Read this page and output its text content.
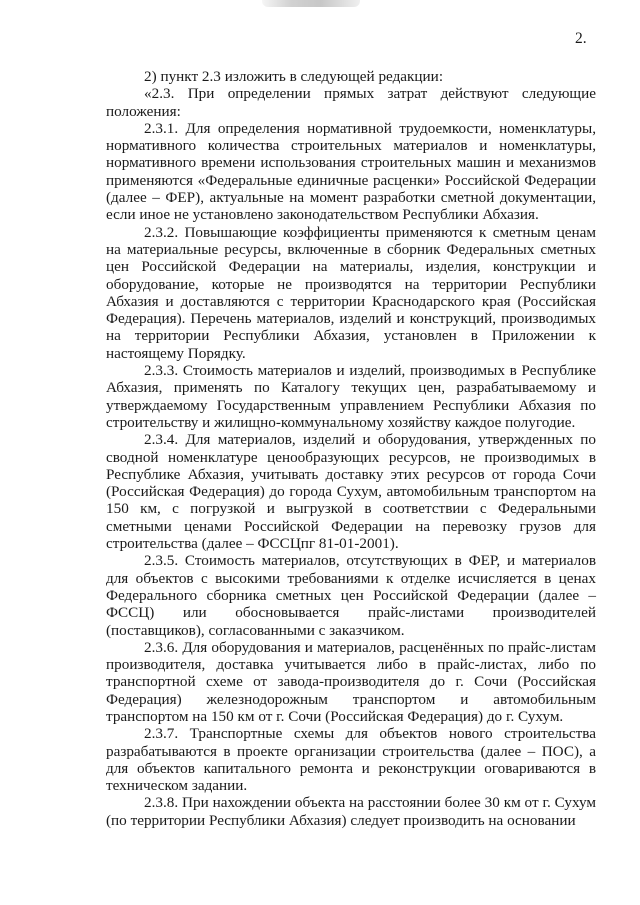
2.

2) пункт 2.3 изложить в следующей редакции:

«2.3. При определении прямых затрат действуют следующие положения:

2.3.1. Для определения нормативной трудоемкости, номенклатуры, нормативного количества строительных материалов и номенклатуры, нормативного времени использования строительных машин и механизмов применяются «Федеральные единичные расценки» Российской Федерации (далее – ФЕР), актуальные на момент разработки сметной документации, если иное не установлено законодательством Республики Абхазия.

2.3.2. Повышающие коэффициенты применяются к сметным ценам на материальные ресурсы, включенные в сборник Федеральных сметных цен Российской Федерации на материалы, изделия, конструкции и оборудование, которые не производятся на территории Республики Абхазия и доставляются с территории Краснодарского края (Российская Федерация). Перечень материалов, изделий и конструкций, производимых на территории Республики Абхазия, установлен в Приложении к настоящему Порядку.

2.3.3. Стоимость материалов и изделий, производимых в Республике Абхазия, применять по Каталогу текущих цен, разрабатываемому и утверждаемому Государственным управлением Республики Абхазия по строительству и жилищно-коммунальному хозяйству каждое полугодие.

2.3.4. Для материалов, изделий и оборудования, утвержденных по сводной номенклатуре ценообразующих ресурсов, не производимых в Республике Абхазия, учитывать доставку этих ресурсов от города Сочи (Российская Федерация) до города Сухум, автомобильным транспортом на 150 км, с погрузкой и выгрузкой в соответствии с Федеральными сметными ценами Российской Федерации на перевозку грузов для строительства (далее – ФССЦпг 81-01-2001).

2.3.5. Стоимость материалов, отсутствующих в ФЕР, и материалов для объектов с высокими требованиями к отделке исчисляется в ценах Федерального сборника сметных цен Российской Федерации (далее – ФССЦ) или обосновывается прайс-листами производителей (поставщиков), согласованными с заказчиком.

2.3.6. Для оборудования и материалов, расценённых по прайс-листам производителя, доставка учитывается либо в прайс-листах, либо по транспортной схеме от завода-производителя до г. Сочи (Российская Федерация) железнодорожным транспортом и автомобильным транспортом на 150 км от г. Сочи (Российская Федерация) до г. Сухум.

2.3.7. Транспортные схемы для объектов нового строительства разрабатываются в проекте организации строительства (далее – ПОС), а для объектов капитального ремонта и реконструкции оговариваются в техническом задании.

2.3.8. При нахождении объекта на расстоянии более 30 км от г. Сухум (по территории Республики Абхазия) следует производить на основании
